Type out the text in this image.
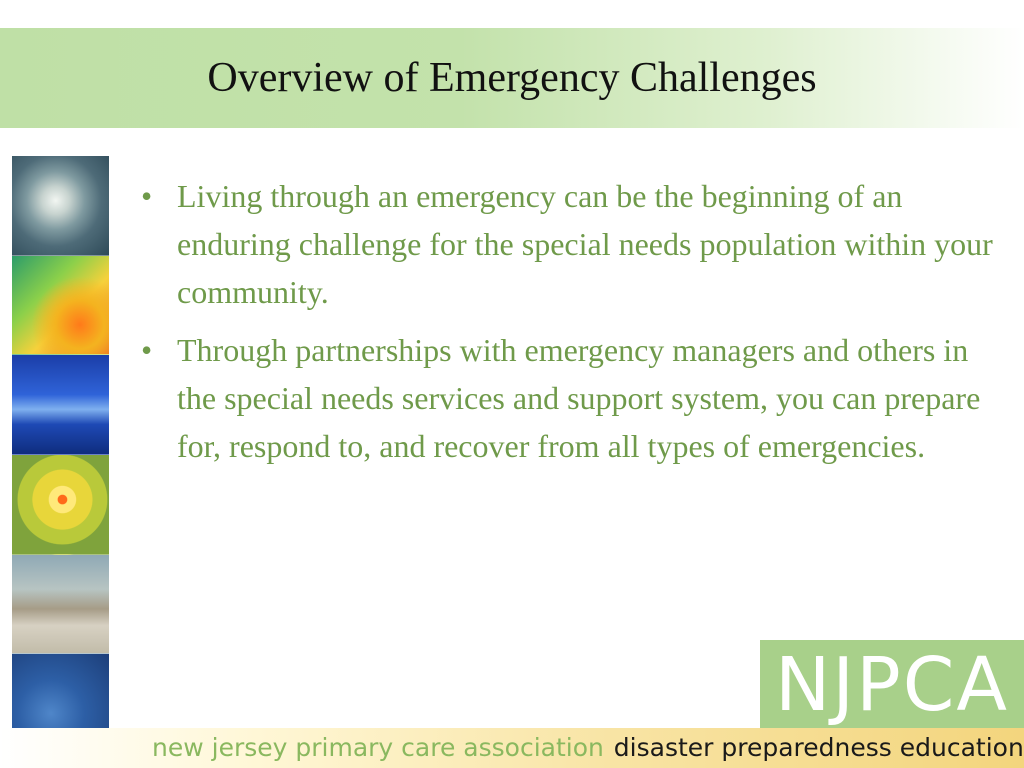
Overview of Emergency Challenges
• Living through an emergency can be the beginning of an enduring challenge for the special needs population within your community.
• Through partnerships with emergency managers and others in the special needs services and support system, you can prepare for, respond to, and recover from all types of emergencies.
NJPCA
new jersey primary care association disaster preparedness education
